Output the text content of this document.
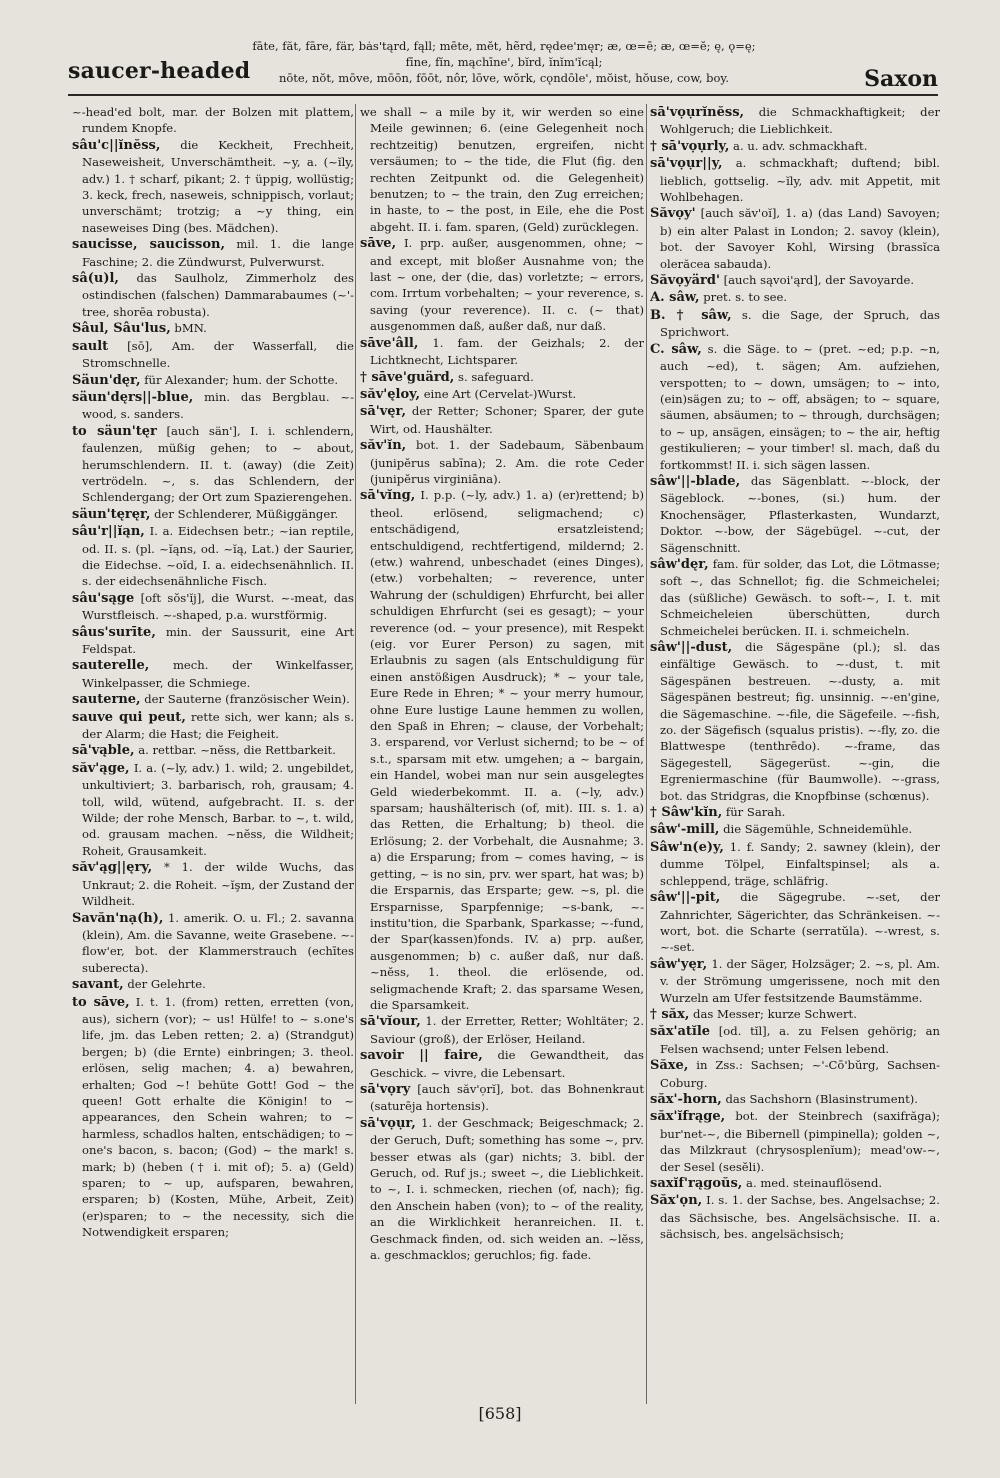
saucer-headed
fāte, făt, fāre, fär, bȧs'tąrd, fąll; mēte, mĕt, hẽrd, rędee'męr; æ, œ=ē; æ, œ=ĕ; ę, ǫ=ę;
fīne, fĭn, mąchīne', bĭrd, ĭnĭm'ĭcąl;
nōte, nŏt, mōve, mōōn, fōōt, nôr, lōve, wŏrk, cǫndōle', mŏist, hŏuse, cow, boy.	Saxon
~-head'ed bolt, mar. der Bolzen mit plattem, rundem Knopfe.
sâu'c||ĭnĕss, die Keckheit, Frechheit, Naseweisheit, Unverschämtheit. ~y, a. (~ĭly, adv.) 1. † scharf, pikant; 2. † üppig, wollüstig; 3. keck, frech, naseweis, schnippisch, vorlaut; unverschämt; trotzig; a ~y thing, ein naseweises Ding (bes. Mädchen).
saucisse, saucisson, mil. 1. die lange Faschine; 2. die Zündwurst, Pulverwurst.
sâ(u)l, das Saulholz, Zimmerholz des ostindischen (falschen) Dammarabaumes (~'-tree, shorēa robusta).
Sâul, Sâu'lus, bMN.
sault [sō], Am. der Wasserfall, die Stromschnelle.
Säun'dęr, für Alexander; hum. der Schotte.
säun'dęrs||-blue, min. das Bergblau. ~-wood, s. sanders.
to säun'tęr [auch sän'], I. i. schlendern, faulenzen, müßig gehen; to ~ about, herumschlendern. II. t. (away) (die Zeit) vertrödeln. ~, s. das Schlendern, der Schlendergang; der Ort zum Spazierengehen.
säun'tęręr, der Schlenderer, Müßiggänger.
sâu'r||ĭąn, I. a. Eidechsen betr.; ~ian reptile, od. II. s. (pl. ~ĭąns, od. ~ĭą, Lat.) der Saurier, die Eidechse. ~oĭd, I. a. eidechsenähnlich. II. s. der eidechsenähnliche Fisch.
sâu'sąge [oft sŏs'ĭj], die Wurst. ~-meat, das Wurstfleisch. ~-shaped, p.a. wurstförmig.
sâus'surīte, min. der Saussurit, eine Art Feldspat.
sauterelle, mech. der Winkelfasser, Winkelpasser, die Schmiege.
sauterne, der Sauterne (französischer Wein).
sauve qui peut, rette sich, wer kann; als s. der Alarm; die Hast; die Feigheit.
sā'vąble, a. rettbar. ~nĕss, die Rettbarkeit.
săv'ąge, I. a. (~ly, adv.) 1. wild; 2. ungebildet, unkultiviert; 3. barbarisch, roh, grausam; 4. toll, wild, wütend, aufgebracht. II. s. der Wilde; der rohe Mensch, Barbar. to ~, t. wild, od. grausam machen. ~nĕss, die Wildheit; Roheit, Grausamkeit.
săv'ąg||ęry, * 1. der wilde Wuchs, das Unkraut; 2. die Roheit. ~ĭşm, der Zustand der Wildheit.
Savăn'nạ(h), 1. amerik. O. u. Fl.; 2. savanna (klein), Am. die Savanne, weite Grasebene. ~-flow'er, bot. der Klammerstrauch (echītes suberecta).
savant, der Gelehrte.
to sāve, I. t. 1. (from) retten, erretten (von, aus), sichern (vor); ~ us! Hülfe! to ~ s.one's life, jm. das Leben retten; 2. a) (Strandgut) bergen; b) (die Ernte) einbringen; 3. theol. erlösen, selig machen; 4. a) bewahren, erhalten; God ~! behüte Gott! God ~ the queen! Gott erhalte die Königin! to ~ appearances, den Schein wahren; to ~ harmless, schadlos halten, entschädigen; to ~ one's bacon, s. bacon; (God) ~ the mark! s. mark; b) (heben († i. mit of); 5. a) (Geld) sparen; to ~ up, aufsparen, bewahren, ersparen; b) (Kosten, Mühe, Arbeit, Zeit) (er)sparen; to ~ the necessity, sich die Notwendigkeit ersparen;
we shall ~ a mile by it, wir werden so eine Meile gewinnen; 6. (eine Gelegenheit noch rechtzeitig) benutzen, ergreifen, nicht versäumen; to ~ the tide, die Flut (fig. den rechten Zeitpunkt od. die Gelegenheit) benutzen; to ~ the train, den Zug erreichen; in haste, to ~ the post, in Eile, ehe die Post abgeht. II. i. fam. sparen, (Geld) zurücklegen.
sāve, I. prp. außer, ausgenommen, ohne; ~ and except, mit bloßer Ausnahme von; the last ~ one, der (die, das) vorletzte; ~ errors, com. Irrtum vorbehalten; ~ your reverence, s. saving (your reverence). II. c. (~ that) ausgenommen daß, außer daß, nur daß.
sāve'âll, 1. fam. der Geizhals; 2. der Lichtknecht, Lichtsparer.
† sāve'guärd, s. safeguard.
săv'ęloy, eine Art (Cervelat-)Wurst.
sā'vęr, der Retter; Schoner; Sparer, der gute Wirt, od. Haushälter.
săv'ĭn, bot. 1. der Sadebaum, Säbenbaum (junipĕrus sabīna); 2. Am. die rote Ceder (junipĕrus virginiāna).
sā'vĭng, I. p.p. (~ly, adv.) 1. a) (er)rettend; b) theol. erlösend, seligmachend; c) entschädigend, ersatzleistend; entschuldigend, rechtfertigend, mildernd; 2. (etw.) wahrend, unbeschadet (eines Dinges), (etw.) vorbehalten; ~ reverence, unter Wahrung der (schuldigen) Ehrfurcht, bei aller schuldigen Ehrfurcht (sei es gesagt); ~ your reverence (od. ~ your presence), mit Respekt (eig. vor Eurer Person) zu sagen, mit Erlaubnis zu sagen (als Entschuldigung für einen anstößigen Ausdruck); * ~ your tale, Eure Rede in Ehren; * ~ your merry humour, ohne Eure lustige Laune hemmen zu wollen, den Spaß in Ehren; ~ clause, der Vorbehalt; 3. ersparend, vor Verlust sichernd; to be ~ of s.t., sparsam mit etw. umgehen; a ~ bargain, ein Handel, wobei man nur sein ausgelegtes Geld wiederbekommt. II. a. (~ly, adv.) sparsam; haushälterisch (of, mit). III. s. 1. a) das Retten, die Erhaltung; b) theol. die Erlösung; 2. der Vorbehalt, die Ausnahme; 3. a) die Ersparung; from ~ comes having, ~ is getting, ~ is no sin, prv. wer spart, hat was; b) die Ersparnis, das Ersparte; gew. ~s, pl. die Ersparnisse, Sparpfennige; ~s-bank, ~-institu'tion, die Sparbank, Sparkasse; ~-fund, der Spar(kassen)fonds. IV. a) prp. außer, ausgenommen; b) c. außer daß, nur daß. ~nĕss, 1. theol. die erlösende, od. seligmachende Kraft; 2. das sparsame Wesen, die Sparsamkeit.
sā'vĭour, 1. der Erretter, Retter; Wohltäter; 2. Saviour (groß), der Erlöser, Heiland.
savoir || faire, die Gewandtheit, das Geschick. ~ vivre, die Lebensart.
sā'vọry [auch săv'ọrĭ], bot. das Bohnenkraut (saturēja hortensis).
sā'vọụr, 1. der Geschmack; Beigeschmack; 2. der Geruch, Duft; something has some ~, prv. besser etwas als (gar) nichts; 3. bibl. der Geruch, od. Ruf js.; sweet ~, die Lieblichkeit. to ~, I. i. schmecken, riechen (of, nach); fig. den Anschein haben (von); to ~ of the reality, an die Wirklichkeit heranreichen. II. t. Geschmack finden, od. sich weiden an. ~lĕss, a. geschmacklos; geruchlos; fig. fade.
sā'vọụrĭnĕss, die Schmackhaftigkeit; der Wohlgeruch; die Lieblichkeit.
† sā'vọụrly, a. u. adv. schmackhaft.
sā'vọụr||y, a. schmackhaft; duftend; bibl. lieblich, gottselig. ~ĭly, adv. mit Appetit, mit Wohlbehagen.
Săvọy' [auch săv'oĭ], 1. a) (das Land) Savoyen; b) ein alter Palast in London; 2. savoy (klein), bot. der Savoyer Kohl, Wirsing (brassĭca olerăcea sabauda).
Săvọyärd' [auch sąvoi'ąrd], der Savoyarde.
A. sâw, pret. s. to see.
B. † sâw, s. die Sage, der Spruch, das Sprichwort.
C. sâw, s. die Säge. to ~ (pret. ~ed; p.p. ~n, auch ~ed), t. sägen; Am. aufziehen, verspotten; to ~ down, umsägen; to ~ into, (ein)sägen zu; to ~ off, absägen; to ~ square, säumen, absäumen; to ~ through, durchsägen; to ~ up, ansägen, einsägen; to ~ the air, heftig gestikulieren; ~ your timber! sl. mach, daß du fortkommst! II. i. sich sägen lassen.
sâw'||-blade, das Sägenblatt. ~-block, der Sägeblock. ~-bones, (si.) hum. der Knochensäger, Pflasterkasten, Wundarzt, Doktor. ~-bow, der Sägebügel. ~-cut, der Sägenschnitt.
sâw'dęr, fam. für solder, das Lot, die Lötmasse; soft ~, das Schnellot; fig. die Schmeichelei; das (süßliche) Gewäsch. to soft-~, I. t. mit Schmeicheleien überschütten, durch Schmeichelei berücken. II. i. schmeicheln.
sâw'||-dust, die Sägespäne (pl.); sl. das einfältige Gewäsch. to ~-dust, t. mit Sägespänen bestreuen. ~-dusty, a. mit Sägespänen bestreut; fig. unsinnig. ~-en'gine, die Sägemaschine. ~-file, die Sägefeile. ~-fish, zo. der Sägefisch (squalus pristis). ~-fly, zo. die Blattwespe (tenthrēdo). ~-frame, das Sägegestell, Sägegerüst. ~-gin, die Egreniermaschine (für Baumwolle). ~-grass, bot. das Stridgras, die Knopfbinse (schœnus).
† Sâw'kĭn, für Sarah.
sâw'-mill, die Sägemühle, Schneidemühle.
Sâw'n(e)y, 1. f. Sandy; 2. sawney (klein), der dumme Tölpel, Einfaltspinsel; als a. schleppend, träge, schläfrig.
sâw'||-pit, die Sägegrube. ~-set, der Zahnrichter, Sägerichter, das Schränkeisen. ~-wort, bot. die Scharte (serratŭla). ~-wrest, s. ~-set.
sâw'yęr, 1. der Säger, Holzsäger; 2. ~s, pl. Am. v. der Strömung umgerissene, noch mit den Wurzeln am Ufer festsitzende Baumstämme.
† săx, das Messer; kurze Schwert.
săx'atĭle [od. tĭl], a. zu Felsen gehörig; an Felsen wachsend; unter Felsen lebend.
Săxe, in Zss.: Sachsen; ~'-Cō'bŭrg, Sachsen-Coburg.
săx'-horn, das Sachshorn (Blasinstrument).
săx'ĭfrąge, bot. der Steinbrech (saxifrăga); bur'net-~, die Bibernell (pimpinella); golden ~, das Milzkraut (chrysosplenĭum); mead'ow-~, der Sesel (sesĕli).
saxĭf'rągoŭs, a. med. steinauflösend.
Săx'ọn, I. s. 1. der Sachse, bes. Angelsachse; 2. das Sächsische, bes. Angelsächsische. II. a. sächsisch, bes. angelsächsisch;
[658]
